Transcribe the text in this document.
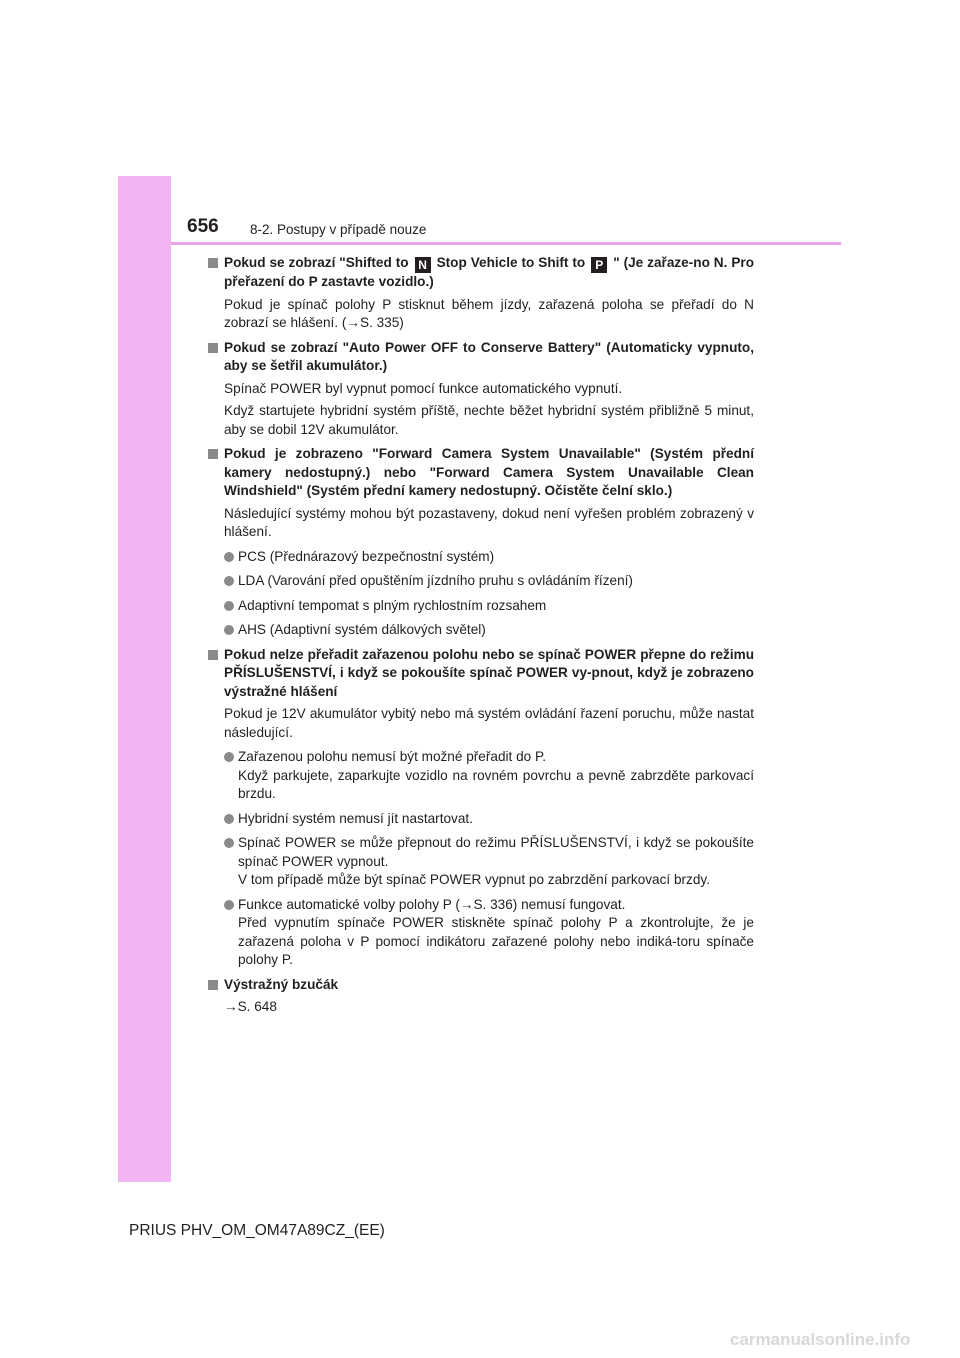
656 8-2. Postupy v případě nouze
Pokud se zobrazí "Shifted to N Stop Vehicle to Shift to P " (Je zařaze-no N. Pro přeřazení do P zastavte vozidlo.)
Pokud je spínač polohy P stisknut během jízdy, zařazená poloha se přeřadí do N zobrazí se hlášení. (→S. 335)
Pokud se zobrazí "Auto Power OFF to Conserve Battery" (Automaticky vypnuto, aby se šetřil akumulátor.)
Spínač POWER byl vypnut pomocí funkce automatického vypnutí.
Když startujete hybridní systém příště, nechte běžet hybridní systém přibližně 5 minut, aby se dobil 12V akumulátor.
Pokud je zobrazeno "Forward Camera System Unavailable" (Systém přední kamery nedostupný.) nebo "Forward Camera System Unavailable Clean Windshield" (Systém přední kamery nedostupný. Očistěte čelní sklo.)
Následující systémy mohou být pozastaveny, dokud není vyřešen problém zobrazený v hlášení.
PCS (Přednárazový bezpečnostní systém)
LDA (Varování před opuštěním jízdního pruhu s ovládáním řízení)
Adaptivní tempomat s plným rychlostním rozsahem
AHS (Adaptivní systém dálkových světel)
Pokud nelze přeřadit zařazenou polohu nebo se spínač POWER přepne do režimu PŘÍSLUŠENSTVÍ, i když se pokoušíte spínač POWER vy-pnout, když je zobrazeno výstražné hlášení
Pokud je 12V akumulátor vybitý nebo má systém ovládání řazení poruchu, může nastat následující.
Zařazenou polohu nemusí být možné přeřadit do P.
Když parkujete, zaparkujte vozidlo na rovném povrchu a pevně zabrzděte parkovací brzdu.
Hybridní systém nemusí jít nastartovat.
Spínač POWER se může přepnout do režimu PŘÍSLUŠENSTVÍ, i když se pokoušíte spínač POWER vypnout.
V tom případě může být spínač POWER vypnut po zabrzdění parkovací brzdy.
Funkce automatické volby polohy P (→S. 336) nemusí fungovat.
Před vypnutím spínače POWER stiskněte spínač polohy P a zkontrolujte, že je zařazená poloha v P pomocí indikátoru zařazené polohy nebo indiká-toru spínače polohy P.
Výstražný bzučák
→S. 648
PRIUS PHV_OM_OM47A89CZ_(EE)
carmanualsonline.info
